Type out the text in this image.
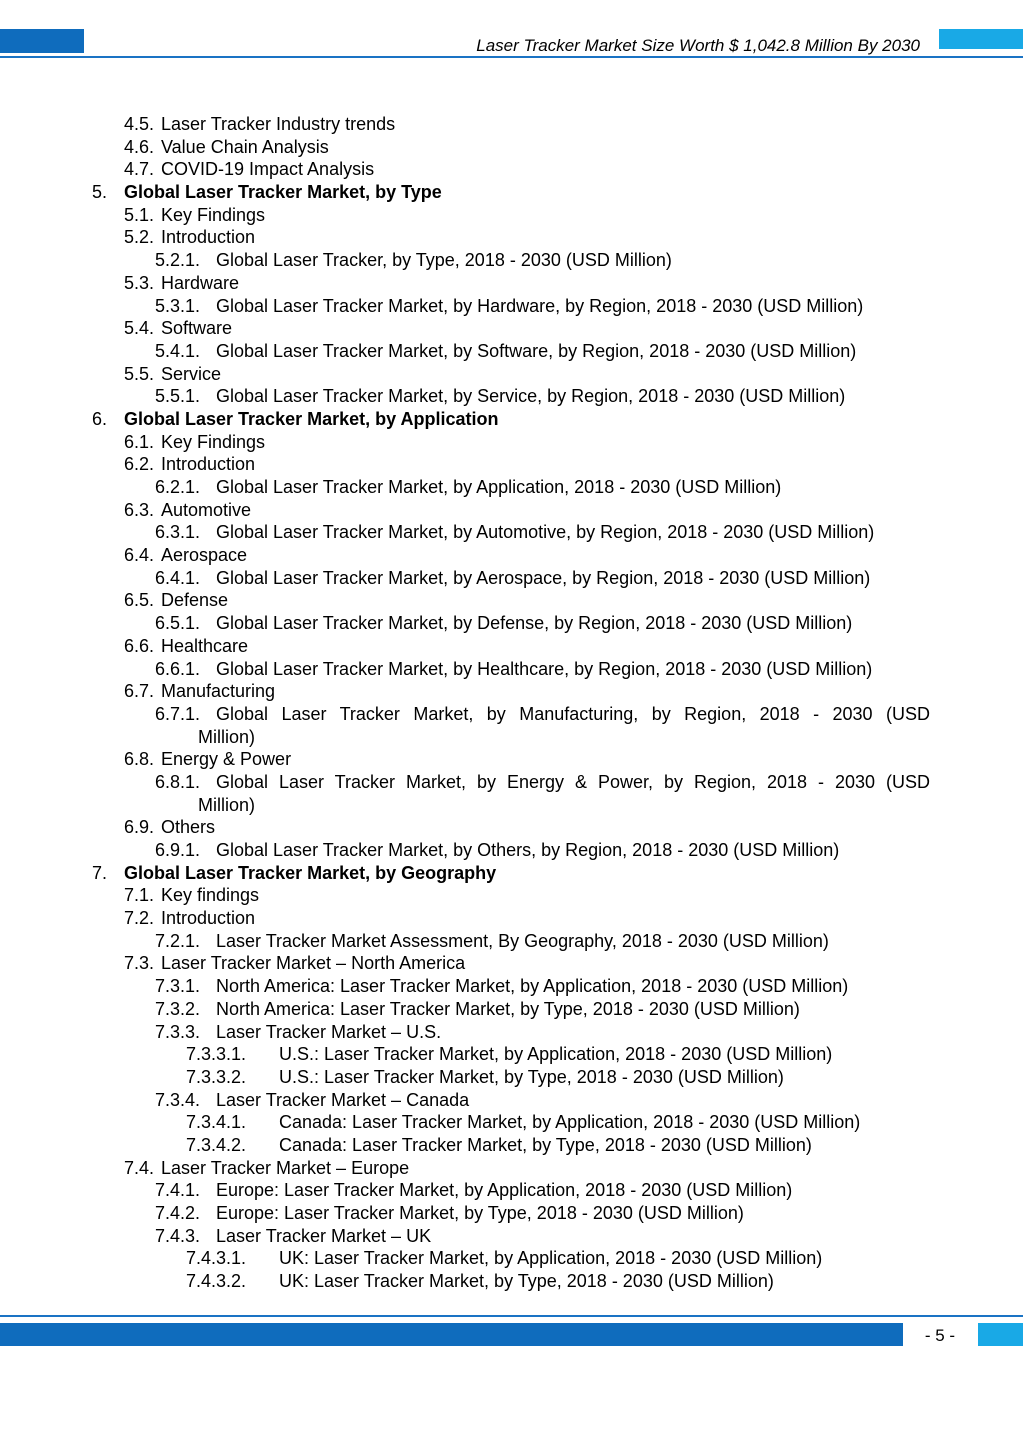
Laser Tracker Market Size Worth $ 1,042.8 Million By 2030
4.5. Laser Tracker Industry trends
4.6. Value Chain Analysis
4.7. COVID-19 Impact Analysis
5. Global Laser Tracker Market, by Type
5.1. Key Findings
5.2. Introduction
5.2.1. Global Laser Tracker, by Type, 2018 - 2030 (USD Million)
5.3. Hardware
5.3.1. Global Laser Tracker Market, by Hardware, by Region, 2018 - 2030 (USD Million)
5.4. Software
5.4.1. Global Laser Tracker Market, by Software, by Region, 2018 - 2030 (USD Million)
5.5. Service
5.5.1. Global Laser Tracker Market, by Service, by Region, 2018 - 2030 (USD Million)
6. Global Laser Tracker Market, by Application
6.1. Key Findings
6.2. Introduction
6.2.1. Global Laser Tracker Market, by Application, 2018 - 2030 (USD Million)
6.3. Automotive
6.3.1. Global Laser Tracker Market, by Automotive, by Region, 2018 - 2030 (USD Million)
6.4. Aerospace
6.4.1. Global Laser Tracker Market, by Aerospace, by Region, 2018 - 2030 (USD Million)
6.5. Defense
6.5.1. Global Laser Tracker Market, by Defense, by Region, 2018 - 2030 (USD Million)
6.6. Healthcare
6.6.1. Global Laser Tracker Market, by Healthcare, by Region, 2018 - 2030 (USD Million)
6.7. Manufacturing
6.7.1. Global Laser Tracker Market, by Manufacturing, by Region, 2018 - 2030 (USD
Million)
6.8. Energy & Power
6.8.1. Global Laser Tracker Market, by Energy & Power, by Region, 2018 - 2030 (USD
Million)
6.9. Others
6.9.1. Global Laser Tracker Market, by Others, by Region, 2018 - 2030 (USD Million)
7. Global Laser Tracker Market, by Geography
7.1. Key findings
7.2. Introduction
7.2.1. Laser Tracker Market Assessment, By Geography, 2018 - 2030 (USD Million)
7.3. Laser Tracker Market – North America
7.3.1. North America: Laser Tracker Market, by Application, 2018 - 2030 (USD Million)
7.3.2. North America: Laser Tracker Market, by Type, 2018 - 2030 (USD Million)
7.3.3. Laser Tracker Market – U.S.
7.3.3.1. U.S.: Laser Tracker Market, by Application, 2018 - 2030 (USD Million)
7.3.3.2. U.S.: Laser Tracker Market, by Type, 2018 - 2030 (USD Million)
7.3.4. Laser Tracker Market – Canada
7.3.4.1. Canada: Laser Tracker Market, by Application, 2018 - 2030 (USD Million)
7.3.4.2. Canada: Laser Tracker Market, by Type, 2018 - 2030 (USD Million)
7.4. Laser Tracker Market – Europe
7.4.1. Europe: Laser Tracker Market, by Application, 2018 - 2030 (USD Million)
7.4.2. Europe: Laser Tracker Market, by Type, 2018 - 2030 (USD Million)
7.4.3. Laser Tracker Market – UK
7.4.3.1. UK: Laser Tracker Market, by Application, 2018 - 2030 (USD Million)
7.4.3.2. UK: Laser Tracker Market, by Type, 2018 - 2030 (USD Million)
- 5 -
